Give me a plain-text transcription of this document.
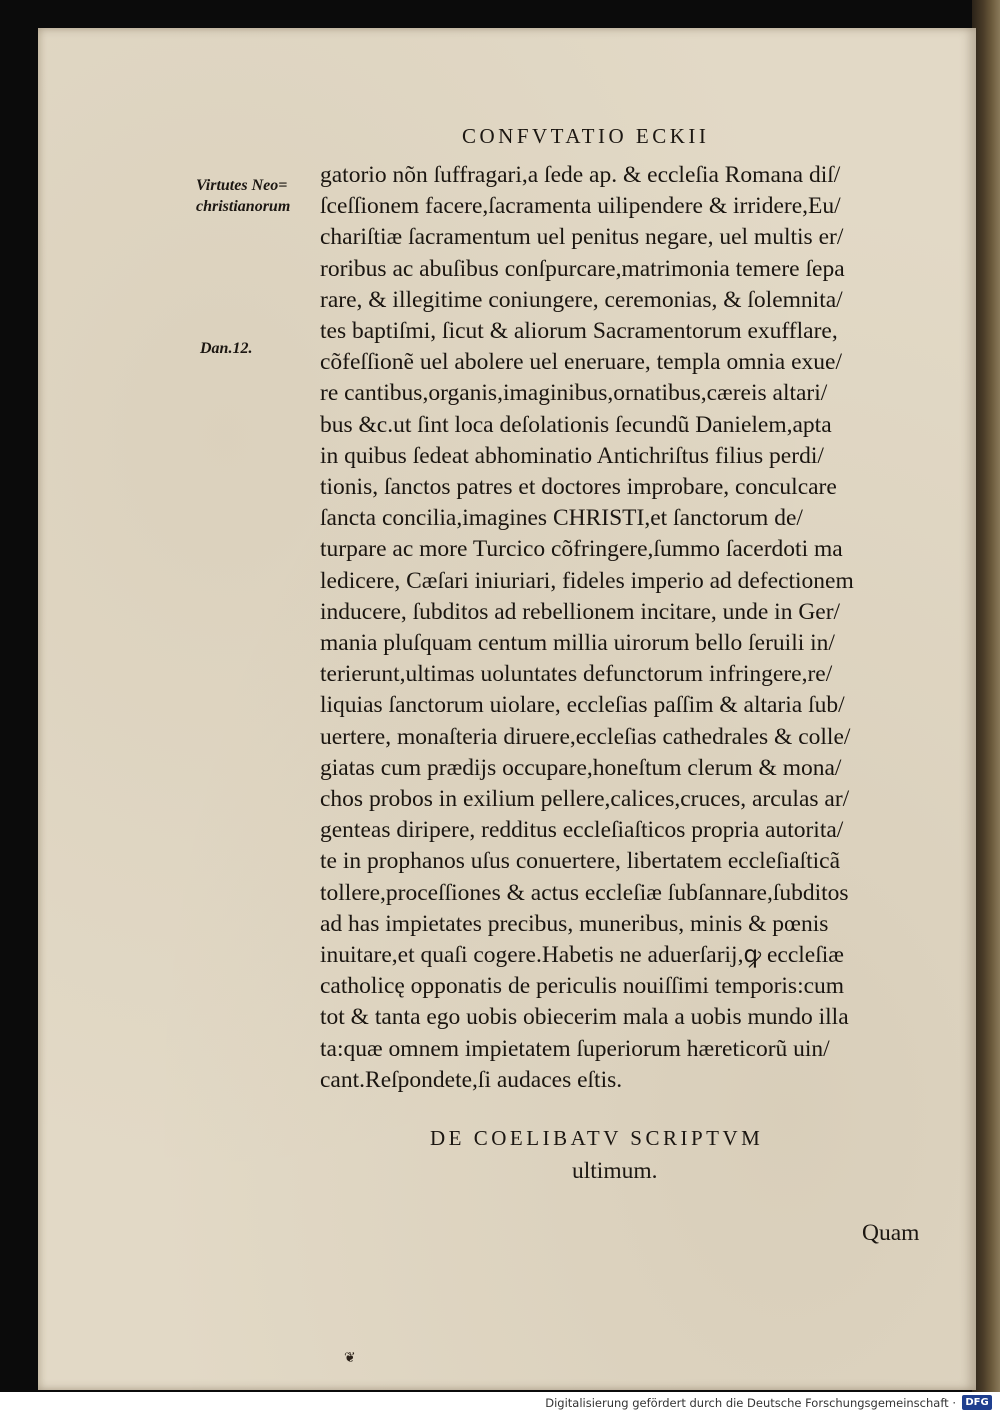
CONFVTATIO ECKII
Virtutes Neo=
christianorum
Dan.12.
gatorio nõn ſuffragari,a ſede ap. & eccleſia Romana diſ/
ſceſſionem facere,ſacramenta uilipendere & irridere,Eu/
chariſtiæ ſacramentum uel penitus negare, uel multis er/
roribus ac abuſibus conſpurcare,matrimonia temere ſepa
rare, & illegitime coniungere, ceremonias, & ſolemnita/
tes baptiſmi, ſicut & aliorum Sacramentorum exufflare,
cõfeſſionẽ uel abolere uel eneruare, templa omnia exue/
re cantibus,organis,imaginibus,ornatibus,cæreis altari/
bus &c.ut ſint loca deſolationis ſecundũ Danielem,apta
in quibus ſedeat abhominatio Antichriſtus filius perdi/
tionis, ſanctos patres et doctores improbare, conculcare
ſancta concilia,imagines CHRISTI,et ſanctorum de/
turpare ac more Turcico cõfringere,ſummo ſacerdoti ma
ledicere, Cæſari iniuriari, fideles imperio ad defectionem
inducere, ſubditos ad rebellionem incitare, unde in Ger/
mania pluſquam centum millia uirorum bello ſeruili in/
terierunt,ultimas uoluntates defunctorum infringere,re/
liquias ſanctorum uiolare, eccleſias paſſim & altaria ſub/
uertere, monaſteria diruere,eccleſias cathedrales & colle/
giatas cum prædijs occupare,honeſtum clerum & mona/
chos probos in exilium pellere,calices,cruces, arculas ar/
genteas diripere, redditus eccleſiaſticos propria autorita/
te in prophanos uſus conuertere, libertatem eccleſiaſticã
tollere,proceſſiones & actus eccleſiæ ſubſannare,ſubditos
ad has impietates precibus, muneribus, minis & pœnis
inuitare,et quaſi cogere.Habetis ne aduerſarij,ꝙ eccleſiæ
catholicę opponatis de periculis nouiſſimi temporis:cum
tot & tanta ego uobis obiecerim mala a uobis mundo illa
ta:quæ omnem impietatem ſuperiorum hæreticorũ uin/
cant.Reſpondete,ſi audaces eſtis.
DE COELIBATV SCRIPTVM
ultimum.
Quam
❦
Digitalisierung gefördert durch die Deutsche Forschungsgemeinschaft · DFG
